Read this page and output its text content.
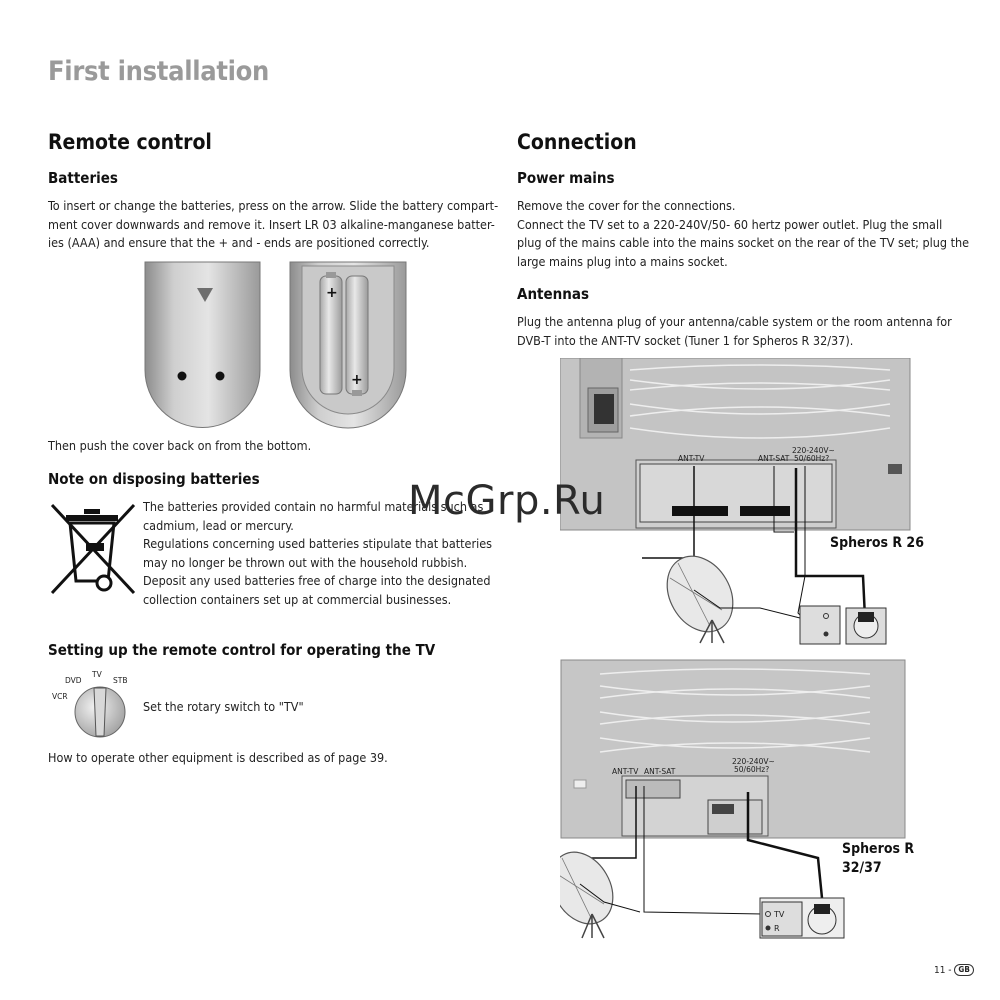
First installation
Remote control
Batteries
To insert or change the batteries, press on the arrow. Slide the battery compart-
ment cover downwards and remove it. Insert LR 03 alkaline-manganese batter-
ies (AAA) and ensure that the + and - ends are positioned correctly.
+
+
Then push the cover back on from the bottom.
Note on disposing batteries
The batteries provided contain no harmful materials such as
cadmium, lead or mercury.
Regulations concerning used batteries stipulate that batteries
may no longer be thrown out with the household rubbish.
Deposit any used batteries free of charge into the designated
collection containers set up at commercial businesses.
Setting up the remote control for operating the TV
DVD
TV
STB
VCR
Set the rotary switch to "TV"
How to operate other equipment is described as of page 39.
Connection
Power mains
Remove the cover for the connections.
Connect the TV set to a 220-240V/50- 60 hertz power outlet. Plug the small
plug of the mains cable into the mains socket on the rear of the TV set; plug the
large mains plug into a mains socket.
Antennas
Plug the antenna plug of your antenna/cable system or the room antenna for
DVB-T into the ANT-TV socket (Tuner 1 for Spheros R 32/37).
ANT-TV	ANT-SAT
220-240V~
50/60Hz?
Spheros R 26
ANT-TV ANT-SAT
220-240V~
50/60Hz?
TV
R
Spheros R
32/37
McGrp.Ru
11 - GB
